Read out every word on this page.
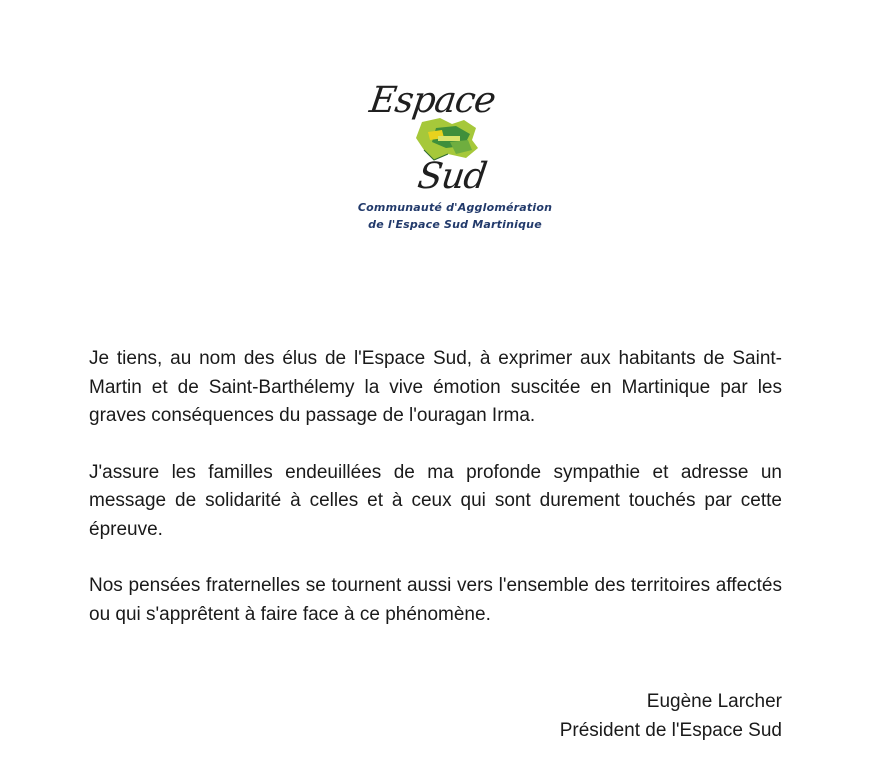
Espace
Sud
Communauté d'Agglomération
de l'Espace Sud Martinique

Je tiens, au nom des élus de l'Espace Sud, à exprimer aux habitants de Saint-Martin et de Saint-Barthélemy la vive émotion suscitée en Martinique par les graves conséquences du passage de l'ouragan Irma.

J'assure les familles endeuillées de ma profonde sympathie et adresse un message de solidarité à celles et à ceux qui sont durement touchés par cette épreuve.

Nos pensées fraternelles se tournent aussi vers l'ensemble des territoires affectés ou qui s'apprêtent à faire face à ce phénomène.

Eugène Larcher
Président de l'Espace Sud
